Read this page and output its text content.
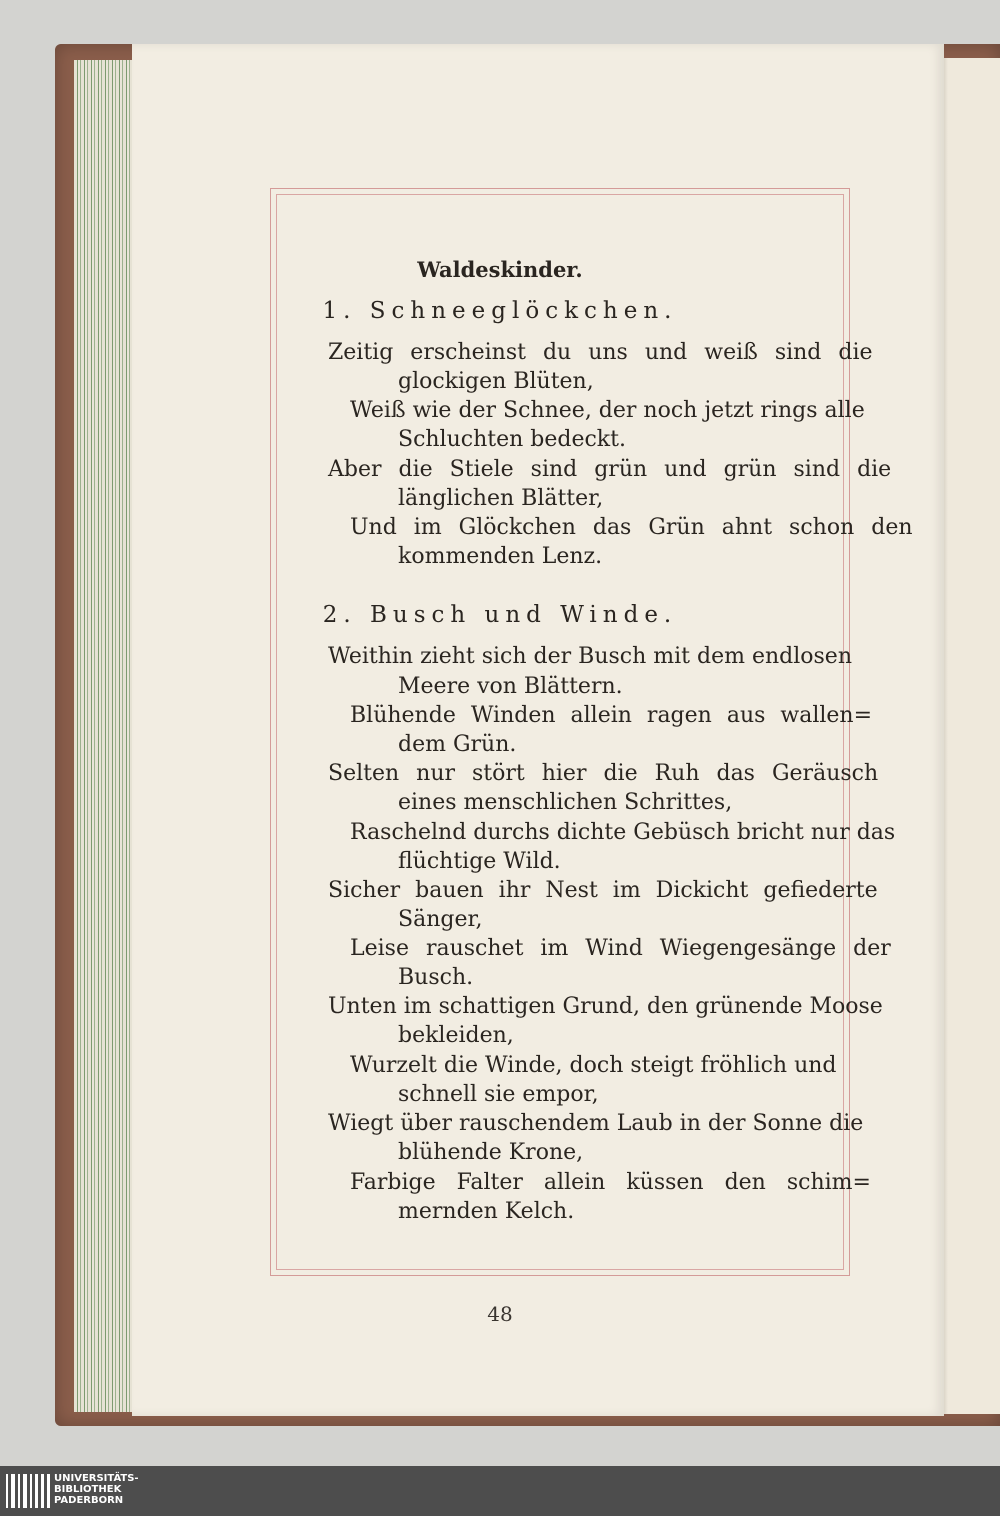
Waldeskinder.
1. Schneeglöckchen.
Zeitig erscheinst du uns und weiß sind die
glockigen Blüten,
Weiß wie der Schnee, der noch jetzt rings alle
Schluchten bedeckt.
Aber die Stiele sind grün und grün sind die
länglichen Blätter,
Und im Glöckchen das Grün ahnt schon den
kommenden Lenz.
2. Busch und Winde.
Weithin zieht sich der Busch mit dem endlosen
Meere von Blättern.
Blühende Winden allein ragen aus wallen=
dem Grün.
Selten nur stört hier die Ruh das Geräusch
eines menschlichen Schrittes,
Raschelnd durchs dichte Gebüsch bricht nur das
flüchtige Wild.
Sicher bauen ihr Nest im Dickicht gefiederte
Sänger,
Leise rauschet im Wind Wiegengesänge der
Busch.
Unten im schattigen Grund, den grünende Moose
bekleiden,
Wurzelt die Winde, doch steigt fröhlich und
schnell sie empor,
Wiegt über rauschendem Laub in der Sonne die
blühende Krone,
Farbige Falter allein küssen den schim=
mernden Kelch.
48
UNIVERSITÄTS-
BIBLIOTHEK
PADERBORN
